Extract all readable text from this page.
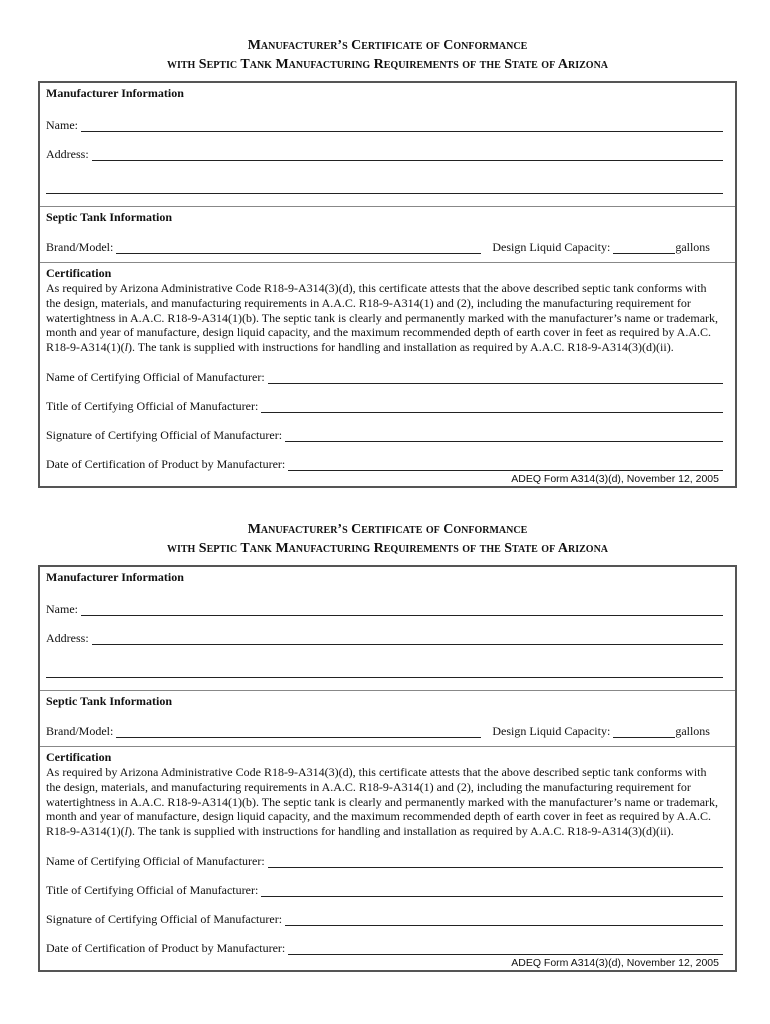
Manufacturer’s Certificate of Conformance

with Septic Tank Manufacturing Requirements of the State of Arizona

Manufacturer Information
Name:
Address:
Septic Tank Information
Brand/Model:	Design Liquid Capacity:	gallons
Certification
As required by Arizona Administrative Code R18-9-A314(3)(d), this certificate attests that the above described septic tank conforms with the design, materials, and manufacturing requirements in A.A.C. R18-9-A314(1) and (2), including the manufacturing requirement for watertightness in A.A.C. R18-9-A314(1)(b). The septic tank is clearly and permanently marked with the manufacturer’s name or trademark, month and year of manufacture, design liquid capacity, and the maximum recommended depth of earth cover in feet as required by A.A.C. R18-9-A314(1)(l). The tank is supplied with instructions for handling and installation as required by A.A.C. R18-9-A314(3)(d)(ii).
Name of Certifying Official of Manufacturer:
Title of Certifying Official of Manufacturer:
Signature of Certifying Official of Manufacturer:
Date of Certification of Product by Manufacturer:
ADEQ Form A314(3)(d), November 12, 2005

Manufacturer’s Certificate of Conformance

with Septic Tank Manufacturing Requirements of the State of Arizona

Manufacturer Information
Name:
Address:
Septic Tank Information
Brand/Model:	Design Liquid Capacity:	gallons
Certification
As required by Arizona Administrative Code R18-9-A314(3)(d), this certificate attests that the above described septic tank conforms with the design, materials, and manufacturing requirements in A.A.C. R18-9-A314(1) and (2), including the manufacturing requirement for watertightness in A.A.C. R18-9-A314(1)(b). The septic tank is clearly and permanently marked with the manufacturer’s name or trademark, month and year of manufacture, design liquid capacity, and the maximum recommended depth of earth cover in feet as required by A.A.C. R18-9-A314(1)(l). The tank is supplied with instructions for handling and installation as required by A.A.C. R18-9-A314(3)(d)(ii).
Name of Certifying Official of Manufacturer:
Title of Certifying Official of Manufacturer:
Signature of Certifying Official of Manufacturer:
Date of Certification of Product by Manufacturer:
ADEQ Form A314(3)(d), November 12, 2005
